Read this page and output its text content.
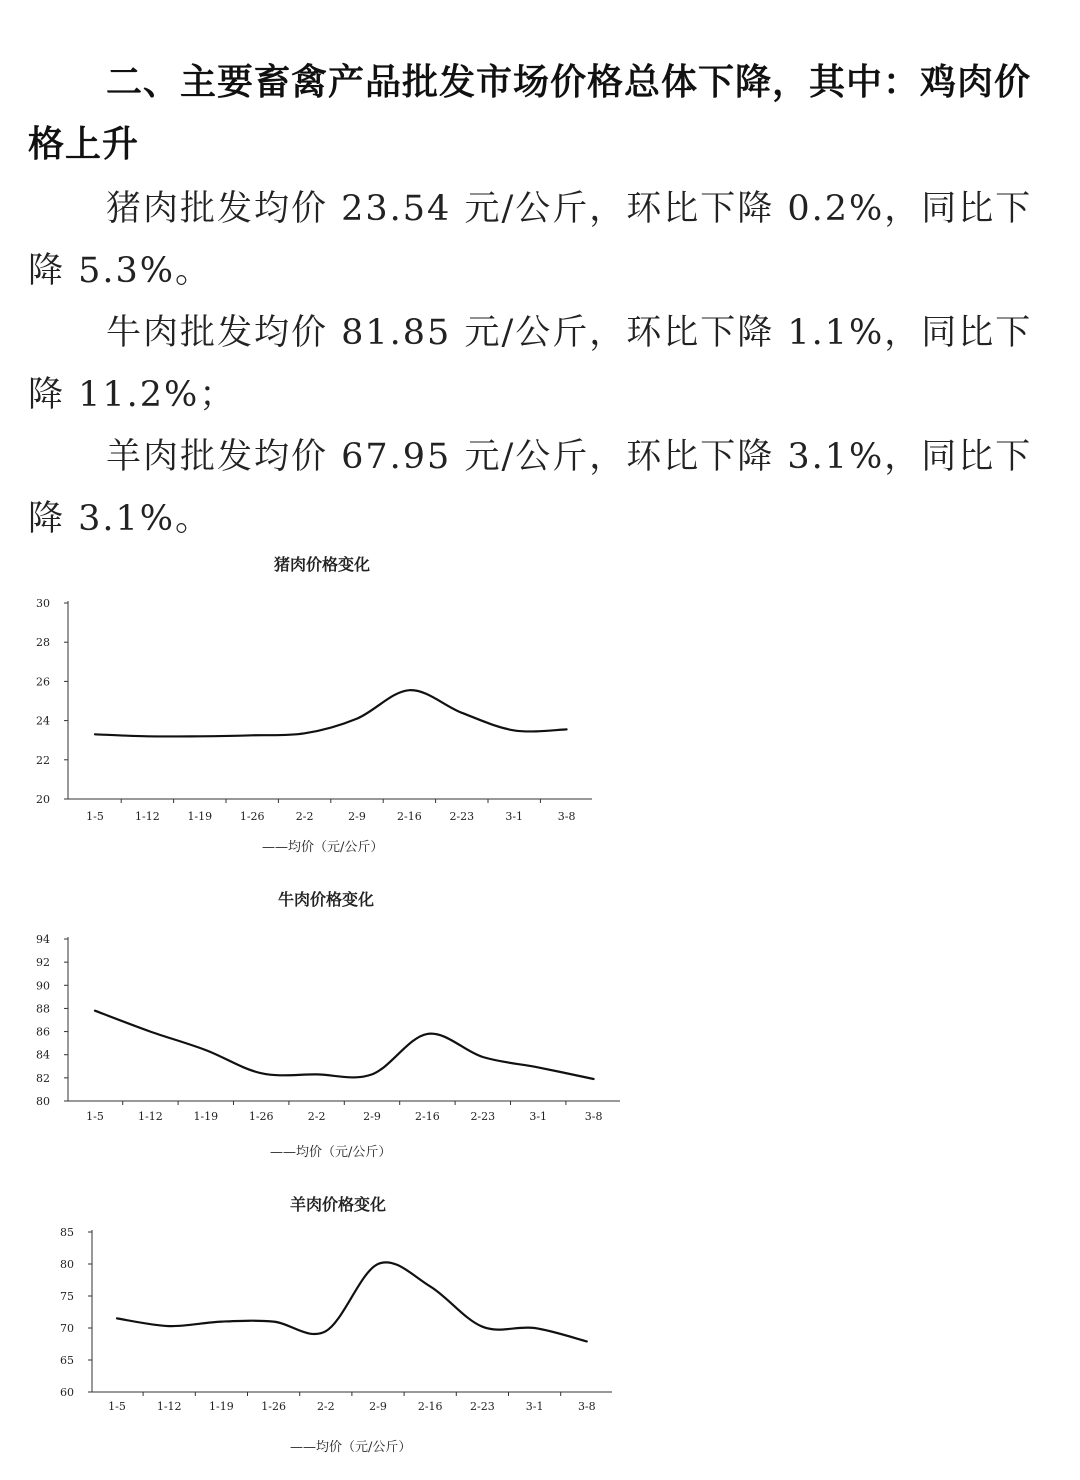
二、主要畜禽产品批发市场价格总体下降，其中：鸡肉价格上升
猪肉批发均价 23.54 元/公斤，环比下降 0.2%，同比下降 5.3%。
牛肉批发均价 81.85 元/公斤，环比下降 1.1%，同比下降 11.2%；
羊肉批发均价 67.95 元/公斤，环比下降 3.1%，同比下降 3.1%。
猪肉价格变化
20
22
24
26
28
30
1-5	1-12	1-19	1-26	2-2	2-9	2-16	2-23	3-1	3-8
——均价（元/公斤）
牛肉价格变化
80
82
84
86
88
90
92
94
1-5	1-12	1-19	1-26	2-2	2-9	2-16	2-23	3-1	3-8
——均价（元/公斤）
羊肉价格变化
60
65
70
75
80
85
1-5	1-12 1-19 1-26	2-2	2-9	2-16 2-23	3-1	3-8
——均价（元/公斤）
